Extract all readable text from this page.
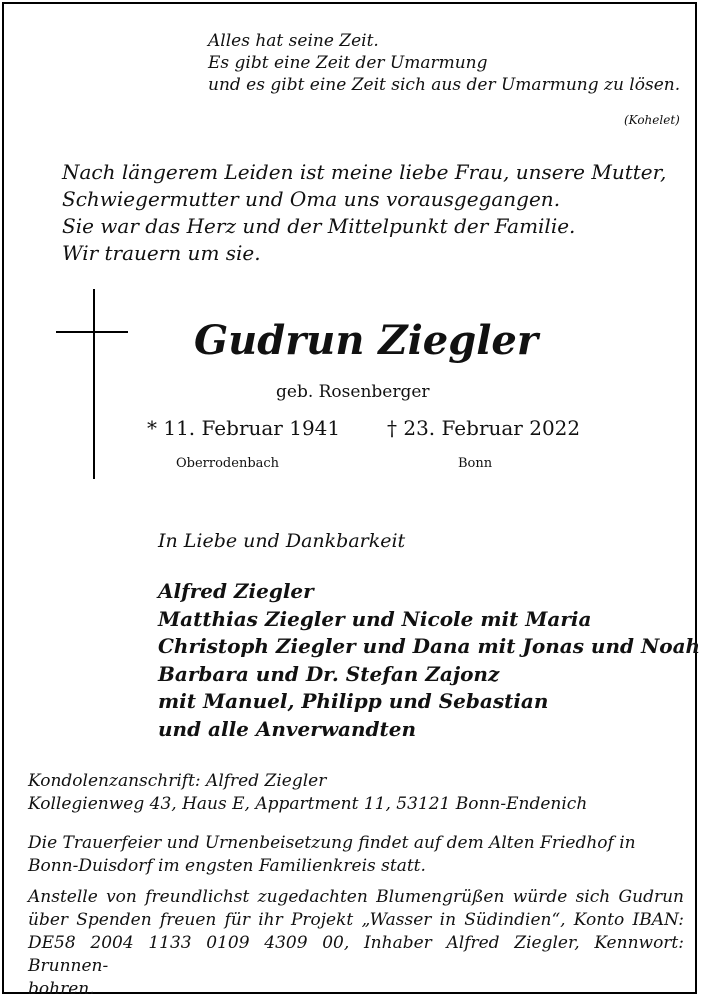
Alles hat seine Zeit.
Es gibt eine Zeit der Umarmung
und es gibt eine Zeit sich aus der Umarmung zu lösen.
(Kohelet)
Nach längerem Leiden ist meine liebe Frau, unsere Mutter,
Schwiegermutter und Oma uns vorausgegangen.
Sie war das Herz und der Mittelpunkt der Familie.
Wir trauern um sie.
Gudrun Ziegler
geb. Rosenberger
* 11. Februar 1941 † 23. Februar 2022
Oberrodenbach	Bonn
In Liebe und Dankbarkeit
Alfred Ziegler
Matthias Ziegler und Nicole mit Maria
Christoph Ziegler und Dana mit Jonas und Noah
Barbara und Dr. Stefan Zajonz
mit Manuel, Philipp und Sebastian
und alle Anverwandten
Kondolenzanschrift: Alfred Ziegler
Kollegienweg 43, Haus E, Appartment 11, 53121 Bonn-Endenich
Die Trauerfeier und Urnenbeisetzung findet auf dem Alten Friedhof in
Bonn-Duisdorf im engsten Familienkreis statt.
Anstelle von freundlichst zugedachten Blumengrüßen würde sich Gudrun
über Spenden freuen für ihr Projekt „Wasser in Südindien“, Konto IBAN:
DE58 2004 1133 0109 4309 00, Inhaber Alfred Ziegler, Kennwort: Brunnen-
bohren.
